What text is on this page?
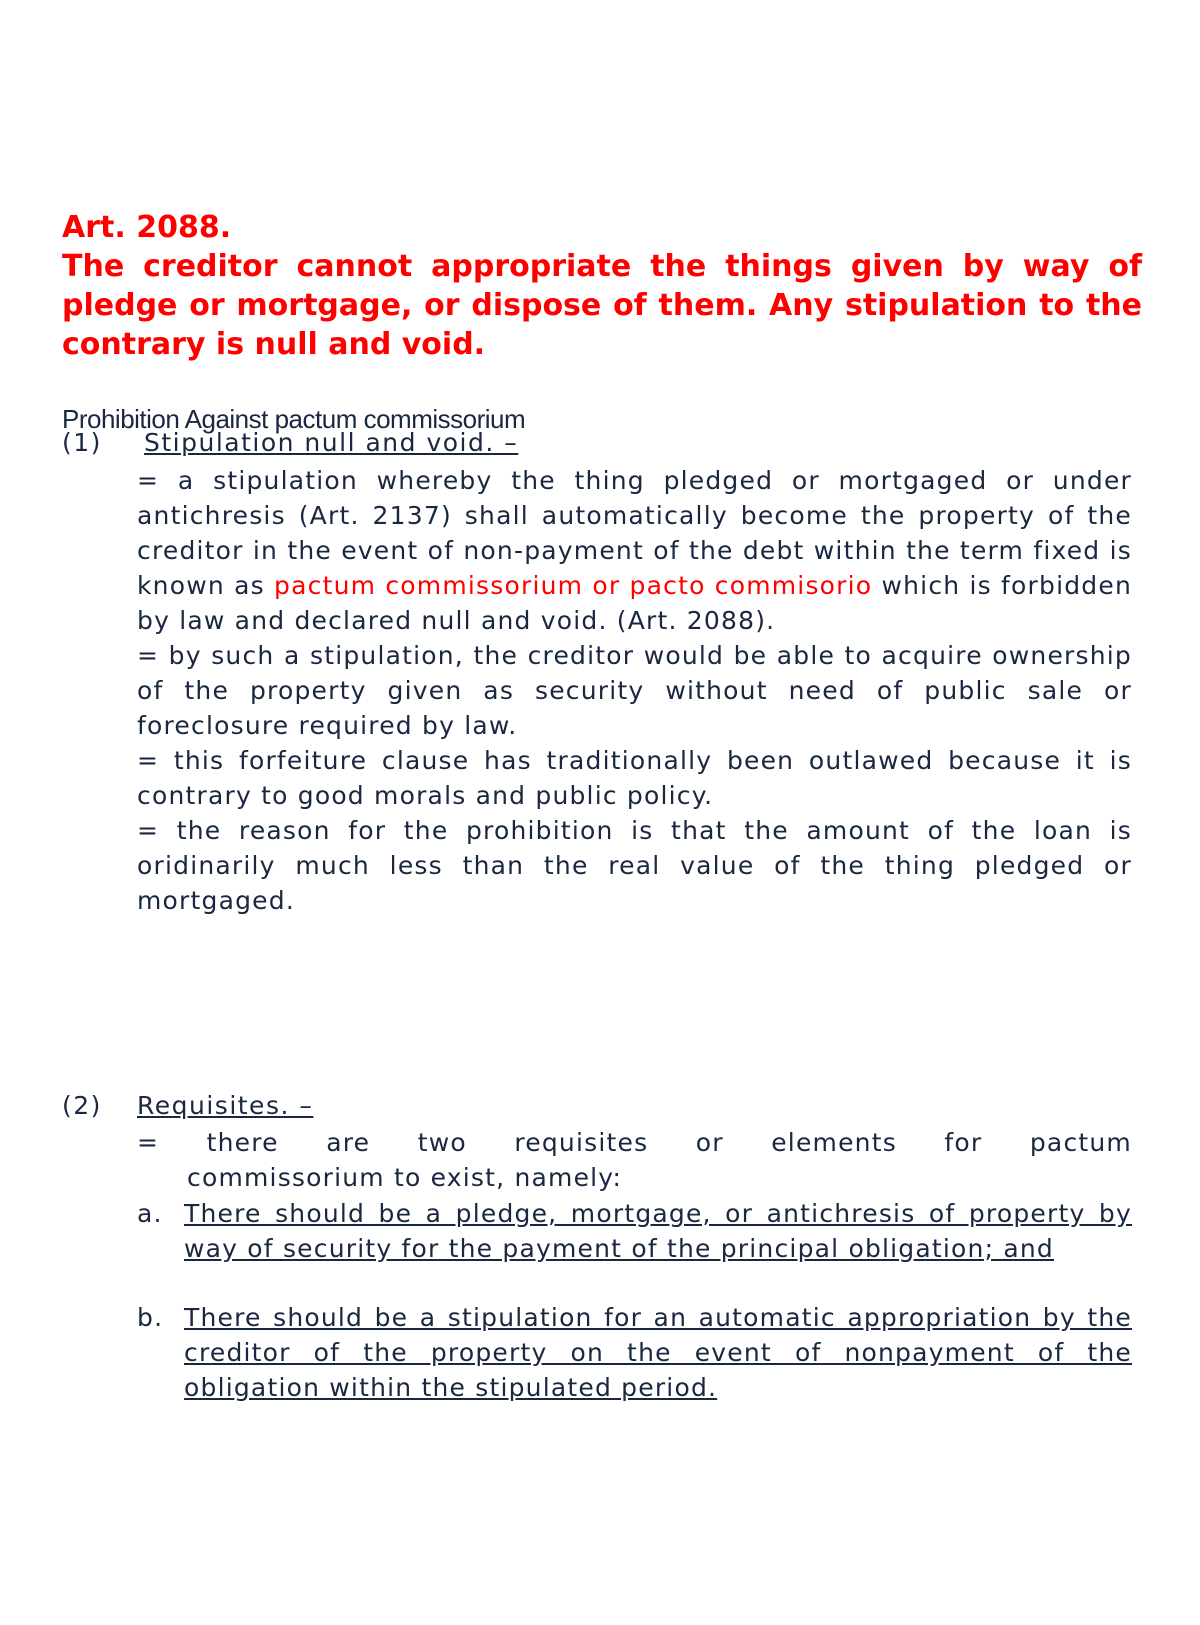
Art. 2088.
The creditor cannot appropriate the things given by way of pledge or mortgage, or dispose of them. Any stipulation to the contrary is null and void.
Prohibition Against pactum commissorium
(1) Stipulation null and void. –

= a stipulation whereby the thing pledged or mortgaged or under antichresis (Art. 2137) shall automatically become the property of the creditor in the event of non-payment of the debt within the term fixed is known as pactum commissorium or pacto commisorio which is forbidden by law and declared null and void. (Art. 2088).

= by such a stipulation, the creditor would be able to acquire ownership of the property given as security without need of public sale or foreclosure required by law.

= this forfeiture clause has traditionally been outlawed because it is contrary to good morals and public policy.

= the reason for the prohibition is that the amount of the loan is oridinarily much less than the real value of the thing pledged or mortgaged.

(2) Requisites. –
= there are two requisites or elements for pactum
commissorium to exist, namely:
a. There should be a pledge, mortgage, or antichresis of property by way of security for the payment of the principal obligation; and
b. There should be a stipulation for an automatic appropriation by the creditor of the property on the event of nonpayment of the obligation within the stipulated period.
